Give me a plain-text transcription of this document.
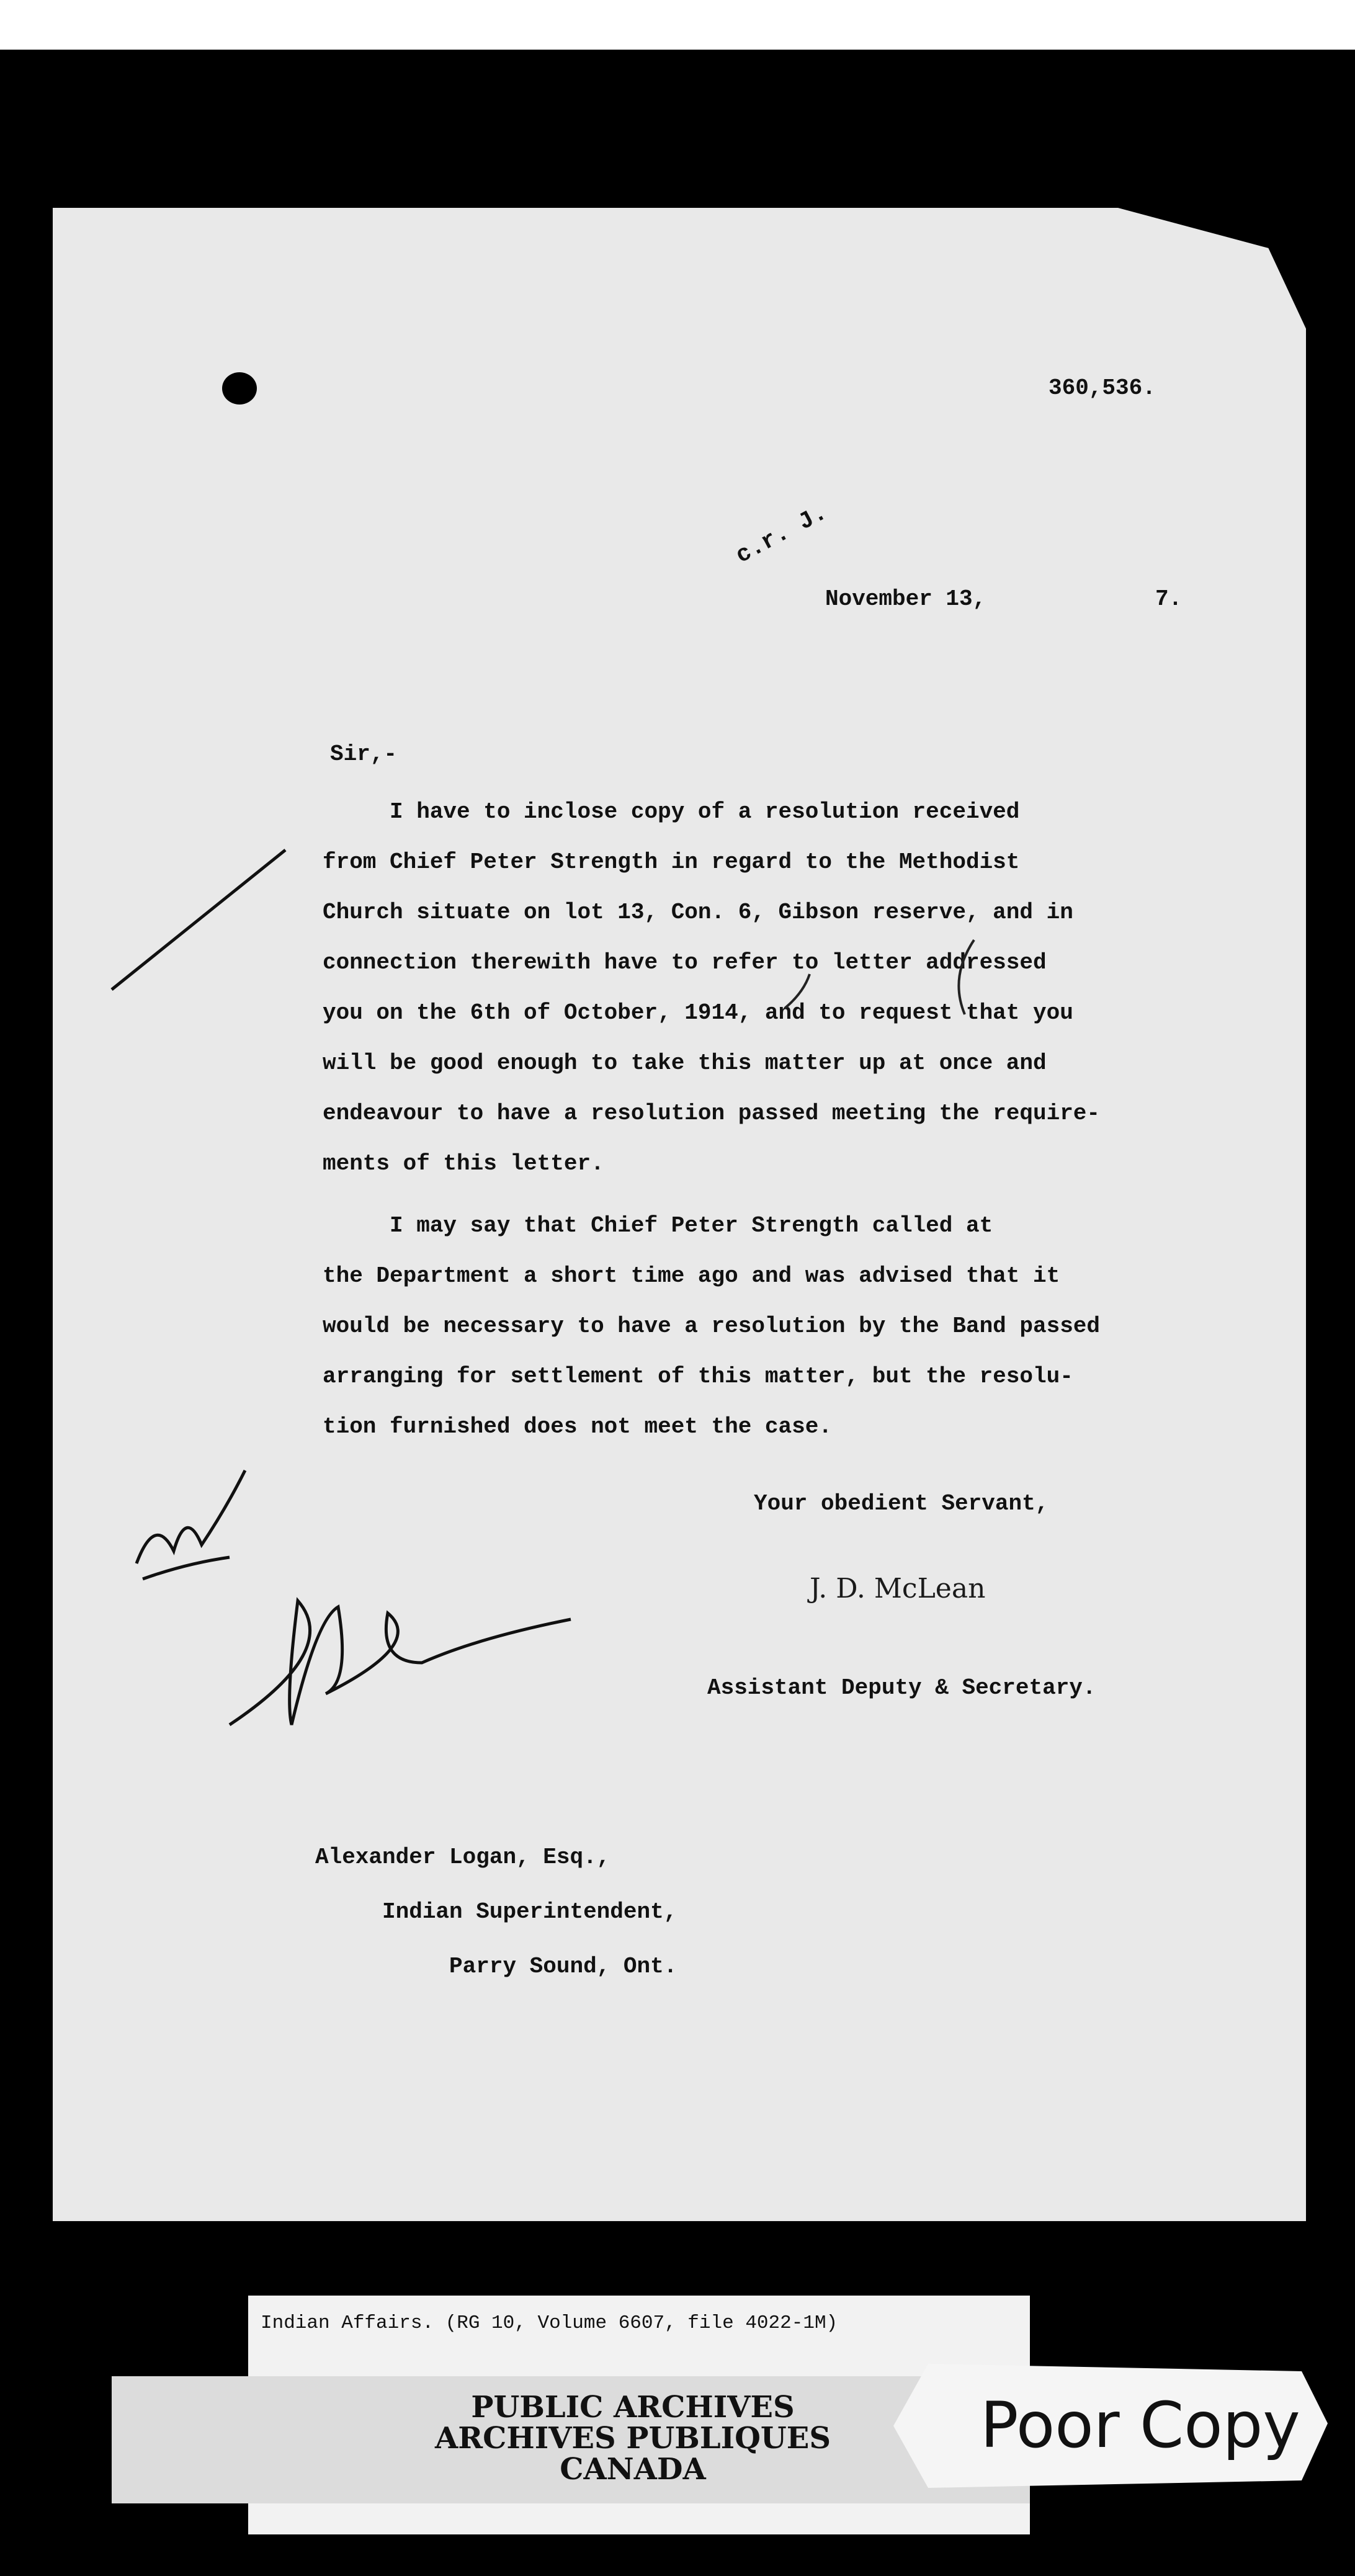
360,536.

c.r. J.

November 13,	7.

Sir,-

I have to inclose copy of a resolution received
from Chief Peter Strength in regard to the Methodist
Church situate on lot 13, Con. 6, Gibson reserve, and in
connection therewith have to refer to letter addressed
you on the 6th of October, 1914, and to request that you
will be good enough to take this matter up at once and
endeavour to have a resolution passed meeting the require-
ments of this letter.
I may say that Chief Peter Strength called at
the Department a short time ago and was advised that it
would be necessary to have a resolution by the Band passed
arranging for settlement of this matter, but the resolu-
tion furnished does not meet the case.

Your obedient Servant,

J. D. McLean

Assistant Deputy & Secretary.

Alexander Logan, Esq.,
Indian Superintendent,
Parry Sound, Ont.

Indian Affairs. (RG 10, Volume 6607, file 4022-1M)

PUBLIC ARCHIVES

ARCHIVES PUBLIQUES

CANADA

Poor Copy
